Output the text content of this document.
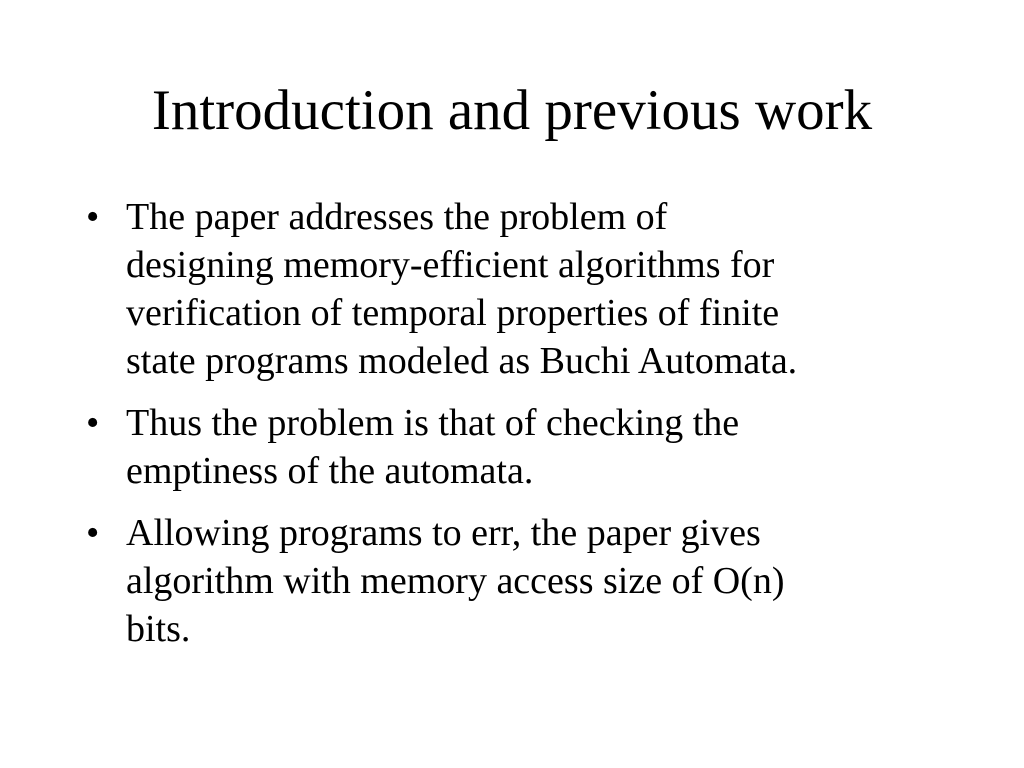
Introduction and previous work
• The paper addresses the problem of
designing memory-efficient algorithms for
verification of temporal properties of finite
state programs modeled as Buchi Automata.
• Thus the problem is that of checking the
emptiness of the automata.
• Allowing programs to err, the paper gives
algorithm with memory access size of O(n)
bits.
